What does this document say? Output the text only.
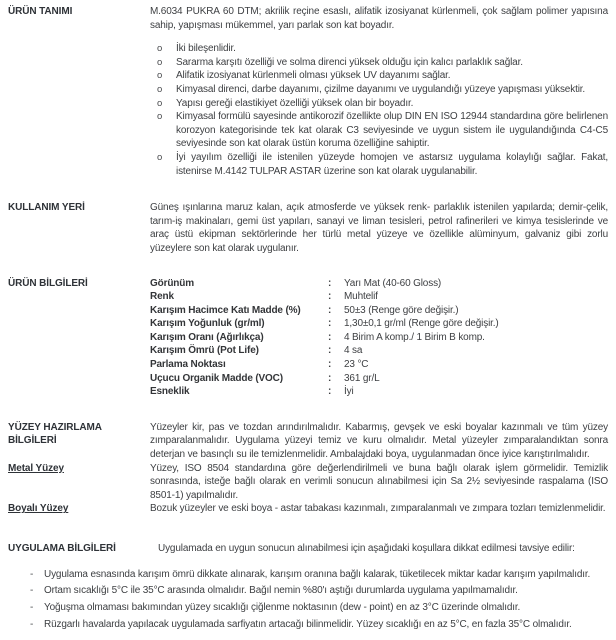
ÜRÜN TANIMI	M.6034 PUKRA 60 DTM; akrilik reçine esaslı, alifatik izosiyanat kürlenmeli, çok sağlam polimer yapısına sahip, yapışması mükemmel, yarı parlak son kat boyadır.
o	İki bileşenlidir.
o	Sararma karşıtı özelliği ve solma direnci yüksek olduğu için kalıcı parlaklık sağlar.
o	Alifatik izosiyanat kürlenmeli olması yüksek UV dayanımı sağlar.
o	Kimyasal direnci, darbe dayanımı, çizilme dayanımı ve uygulandığı yüzeye yapışması yüksektir.
o	Yapısı gereği elastikiyet özelliği yüksek olan bir boyadır.
o	Kimyasal formülü sayesinde antikorozif özellikte olup DIN EN ISO 12944 standardına göre belirlenen korozyon kategorisinde tek kat olarak C3 seviyesinde ve uygun sistem ile uygulandığında C4-C5 seviyesinde son kat olarak üstün koruma özelliğine sahiptir.
o	İyi yayılım özelliği ile istenilen yüzeyde homojen ve astarsız uygulama kolaylığı sağlar. Fakat, istenirse M.4142 TULPAR ASTAR üzerine son kat olarak uygulanabilir.
KULLANIM YERİ	Güneş ışınlarına maruz kalan, açık atmosferde ve yüksek renk- parlaklık istenilen yapılarda; demir-çelik, tarım-iş makinaları, gemi üst yapıları, sanayi ve liman tesisleri, petrol rafinerileri ve kimya tesislerinde ve araç üstü ekipman sektörlerinde her türlü metal yüzeye ve özellikle alüminyum, galvaniz gibi zorlu yüzeylere son kat olarak uygulanır.
ÜRÜN BİLGİLERİ	Görünüm	:	Yarı Mat (40-60 Gloss)
Renk	:	Muhtelif
Karışım Hacimce Katı Madde (%)	:	50±3 (Renge göre değişir.)
Karışım Yoğunluk (gr/ml)	:	1,30±0,1 gr/ml (Renge göre değişir.)
Karışım Oranı (Ağırlıkça)	:	4 Birim A komp./ 1 Birim B komp.
Karışım Ömrü (Pot Life)	:	4 sa
Parlama Noktası	:	23 °C
Uçucu Organik Madde (VOC)	:	361 gr/L
Esneklik	:	İyi
YÜZEY HAZIRLAMA BİLGİLERİ
Yüzeyler kir, pas ve tozdan arındırılmalıdır. Kabarmış, gevşek ve eski boyalar kazınmalı ve tüm yüzey zımparalanmalıdır. Uygulama yüzeyi temiz ve kuru olmalıdır. Metal yüzeyler zımparalandıktan sonra deterjan ve basınçlı su ile temizlenmelidir. Ambalajdaki boya, uygulanmadan önce iyice karıştırılmalıdır.
Metal Yüzey	Yüzey, ISO 8504 standardına göre değerlendirilmeli ve buna bağlı olarak işlem görmelidir. Temizlik sonrasında, isteğe bağlı olarak en verimli sonucun alınabilmesi için Sa 2½ seviyesinde raspalama (ISO 8501-1) yapılmalıdır.
Boyalı Yüzey	Bozuk yüzeyler ve eski boya - astar tabakası kazınmalı, zımparalanmalı ve zımpara tozları temizlenmelidir.
UYGULAMA BİLGİLERİ	Uygulamada en uygun sonucun alınabilmesi için aşağıdaki koşullara dikkat edilmesi tavsiye edilir:
-	Uygulama esnasında karışım ömrü dikkate alınarak, karışım oranına bağlı kalarak, tüketilecek miktar kadar karışım yapılmalıdır.
-	Ortam sıcaklığı 5°C ile 35°C arasında olmalıdır. Bağıl nemin %80'ı aştığı durumlarda uygulama yapılmamalıdır.
-	Yoğuşma olmaması bakımından yüzey sıcaklığı çiğlenme noktasının (dew - point) en az 3°C üzerinde olmalıdır.
-	Rüzgarlı havalarda yapılacak uygulamada sarfiyatın artacağı bilinmelidir. Yüzey sıcaklığı en az 5°C, en fazla 35°C olmalıdır.
